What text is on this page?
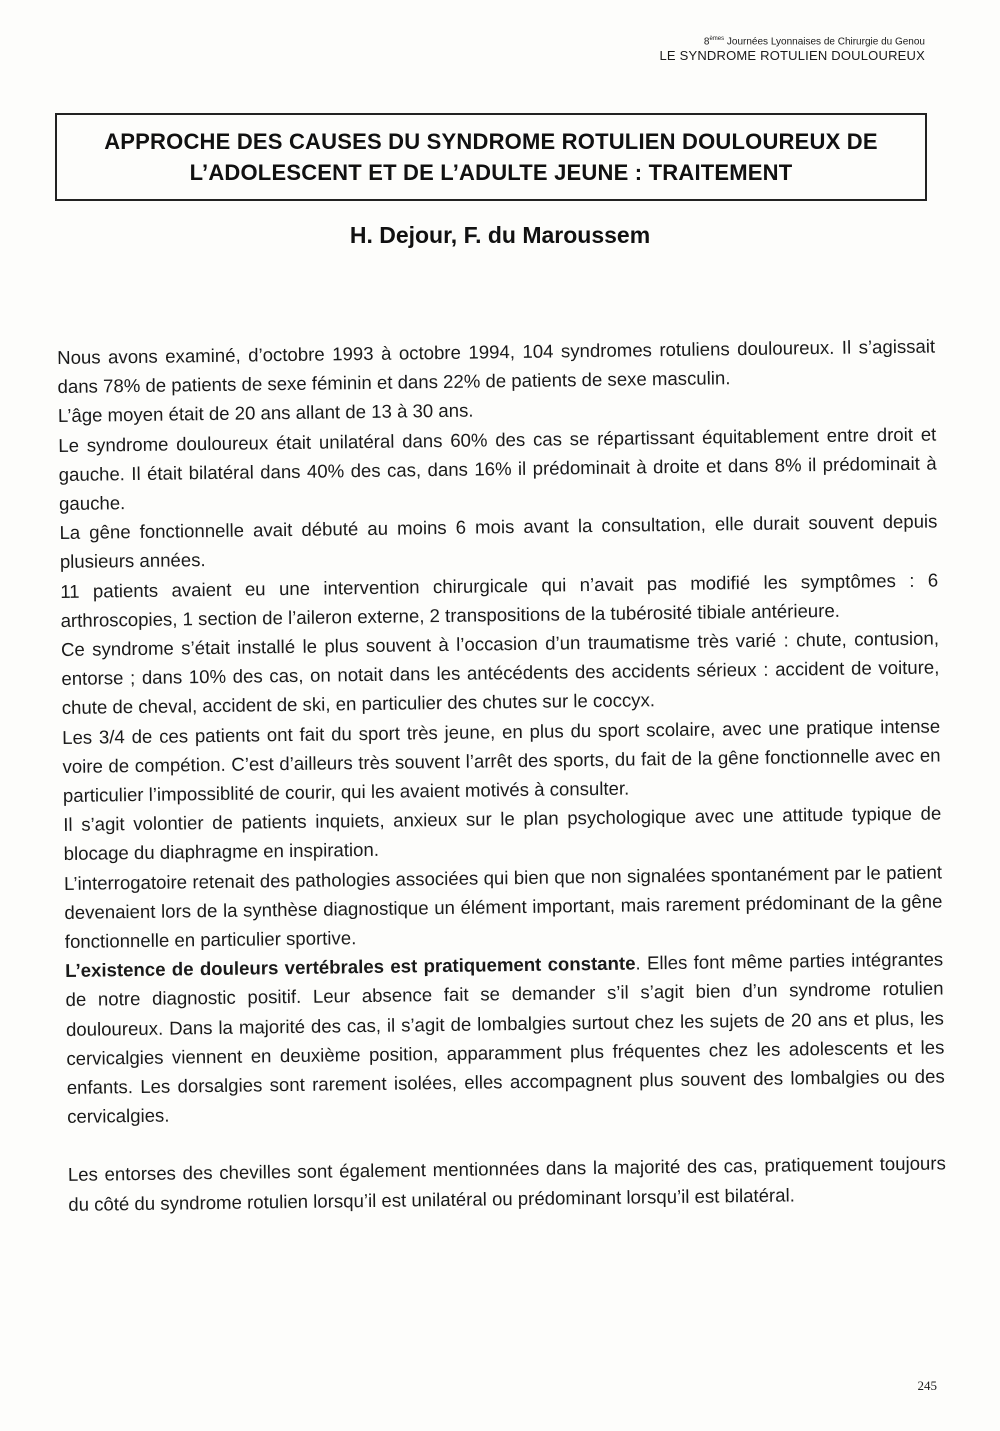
8èmes Journées Lyonnaises de Chirurgie du Genou
LE SYNDROME ROTULIEN DOULOUREUX
APPROCHE DES CAUSES DU SYNDROME ROTULIEN DOULOUREUX DE
L’ADOLESCENT ET DE L’ADULTE JEUNE : TRAITEMENT
H. Dejour, F. du Maroussem

Nous avons examiné, d’octobre 1993 à octobre 1994, 104 syndromes rotuliens douloureux. Il s’agissait dans 78% de patients de sexe féminin et dans 22% de patients de sexe masculin.

L’âge moyen était de 20 ans allant de 13 à 30 ans.

Le syndrome douloureux était unilatéral dans 60% des cas se répartissant équitablement entre droit et gauche. Il était bilatéral dans 40% des cas, dans 16% il prédominait à droite et dans 8% il prédominait à gauche.

La gêne fonctionnelle avait débuté au moins 6 mois avant la consultation, elle durait souvent depuis plusieurs années.

11 patients avaient eu une intervention chirurgicale qui n’avait pas modifié les symptômes : 6 arthroscopies, 1 section de l’aileron externe, 2 transpositions de la tubérosité tibiale antérieure.

Ce syndrome s’était installé le plus souvent à l’occasion d’un traumatisme très varié : chute, contusion, entorse ; dans 10% des cas, on notait dans les antécédents des accidents sérieux : accident de voiture, chute de cheval, accident de ski, en particulier des chutes sur le coccyx.

Les 3/4 de ces patients ont fait du sport très jeune, en plus du sport scolaire, avec une pratique intense voire de compétion. C’est d’ailleurs très souvent l’arrêt des sports, du fait de la gêne fonctionnelle avec en particulier l’impossiblité de courir, qui les avaient motivés à consulter.

Il s’agit volontier de patients inquiets, anxieux sur le plan psychologique avec une attitude typique de blocage du diaphragme en inspiration.

L’interrogatoire retenait des pathologies associées qui bien que non signalées spontanément par le patient devenaient lors de la synthèse diagnostique un élément important, mais rarement prédominant de la gêne fonctionnelle en particulier sportive.

L’existence de douleurs vertébrales est pratiquement constante. Elles font même parties intégrantes de notre diagnostic positif. Leur absence fait se demander s’il s’agit bien d’un syndrome rotulien douloureux. Dans la majorité des cas, il s’agit de lombalgies surtout chez les sujets de 20 ans et plus, les cervicalgies viennent en deuxième position, apparamment plus fréquentes chez les adolescents et les enfants. Les dorsalgies sont rarement isolées, elles accompagnent plus souvent des lombalgies ou des cervicalgies.

Les entorses des chevilles sont également mentionnées dans la majorité des cas, pratiquement toujours du côté du syndrome rotulien lorsqu’il est unilatéral ou prédominant lorsqu’il est bilatéral.

245
